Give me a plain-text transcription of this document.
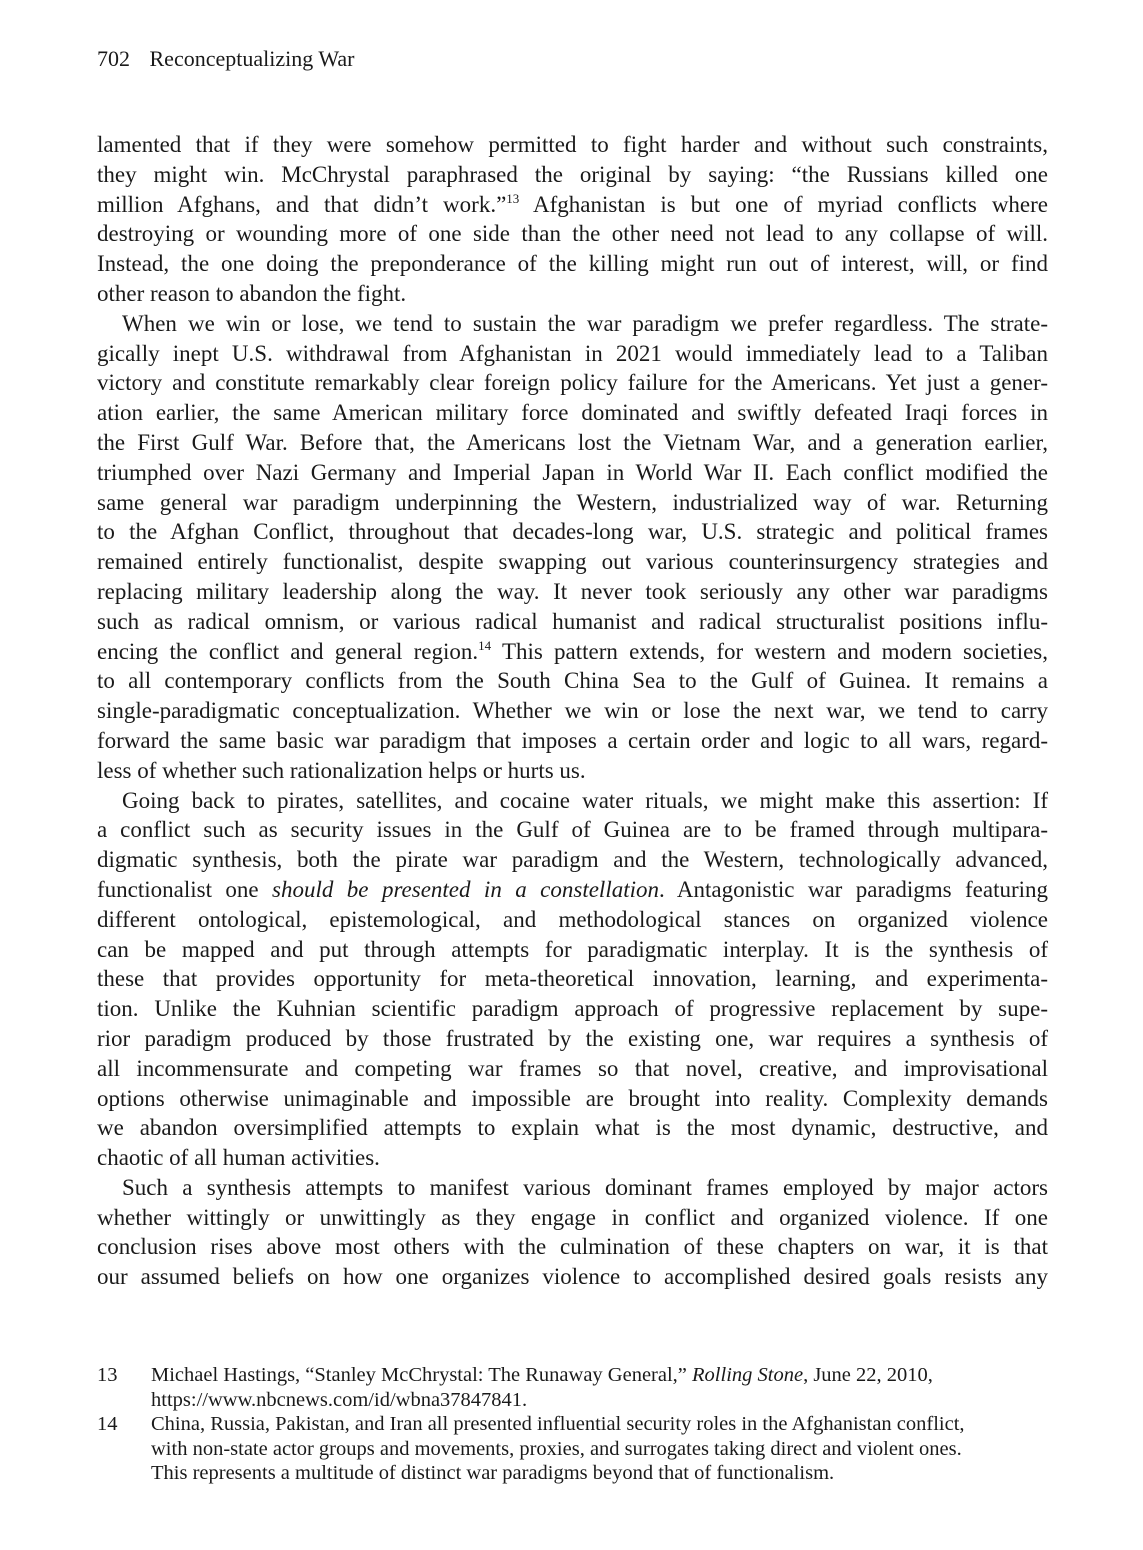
702 Reconceptualizing War
lamented that if they were somehow permitted to fight harder and without such constraints,
they might win. McChrystal paraphrased the original by saying: “the Russians killed one
million Afghans, and that didn’t work.”$^{13}$ Afghanistan is but one of myriad conflicts where
destroying or wounding more of one side than the other need not lead to any collapse of will.
Instead, the one doing the preponderance of the killing might run out of interest, will, or find
other reason to abandon the fight.
When we win or lose, we tend to sustain the war paradigm we prefer regardless. The strate-
gically inept U.S. withdrawal from Afghanistan in 2021 would immediately lead to a Taliban
victory and constitute remarkably clear foreign policy failure for the Americans. Yet just a gener-
ation earlier, the same American military force dominated and swiftly defeated Iraqi forces in
the First Gulf War. Before that, the Americans lost the Vietnam War, and a generation earlier,
triumphed over Nazi Germany and Imperial Japan in World War II. Each conflict modified the
same general war paradigm underpinning the Western, industrialized way of war. Returning
to the Afghan Conflict, throughout that decades-long war, U.S. strategic and political frames
remained entirely functionalist, despite swapping out various counterinsurgency strategies and
replacing military leadership along the way. It never took seriously any other war paradigms
such as radical omnism, or various radical humanist and radical structuralist positions influ-
encing the conflict and general region.$^{14}$ This pattern extends, for western and modern societies,
to all contemporary conflicts from the South China Sea to the Gulf of Guinea. It remains a
single-paradigmatic conceptualization. Whether we win or lose the next war, we tend to carry
forward the same basic war paradigm that imposes a certain order and logic to all wars, regard-
less of whether such rationalization helps or hurts us.
Going back to pirates, satellites, and cocaine water rituals, we might make this assertion: If
a conflict such as security issues in the Gulf of Guinea are to be framed through multipara-
digmatic synthesis, both the pirate war paradigm and the Western, technologically advanced,
functionalist one should be presented in a constellation. Antagonistic war paradigms featuring
different ontological, epistemological, and methodological stances on organized violence
can be mapped and put through attempts for paradigmatic interplay. It is the synthesis of
these that provides opportunity for meta-theoretical innovation, learning, and experimenta-
tion. Unlike the Kuhnian scientific paradigm approach of progressive replacement by supe-
rior paradigm produced by those frustrated by the existing one, war requires a synthesis of
all incommensurate and competing war frames so that novel, creative, and improvisational
options otherwise unimaginable and impossible are brought into reality. Complexity demands
we abandon oversimplified attempts to explain what is the most dynamic, destructive, and
chaotic of all human activities.
Such a synthesis attempts to manifest various dominant frames employed by major actors
whether wittingly or unwittingly as they engage in conflict and organized violence. If one
conclusion rises above most others with the culmination of these chapters on war, it is that
our assumed beliefs on how one organizes violence to accomplished desired goals resists any
13 Michael Hastings, “Stanley McChrystal: The Runaway General,” Rolling Stone, June 22, 2010,
https://www.nbcnews.com/id/wbna37847841.
14 China, Russia, Pakistan, and Iran all presented influential security roles in the Afghanistan conflict,
with non-state actor groups and movements, proxies, and surrogates taking direct and violent ones.
This represents a multitude of distinct war paradigms beyond that of functionalism.
